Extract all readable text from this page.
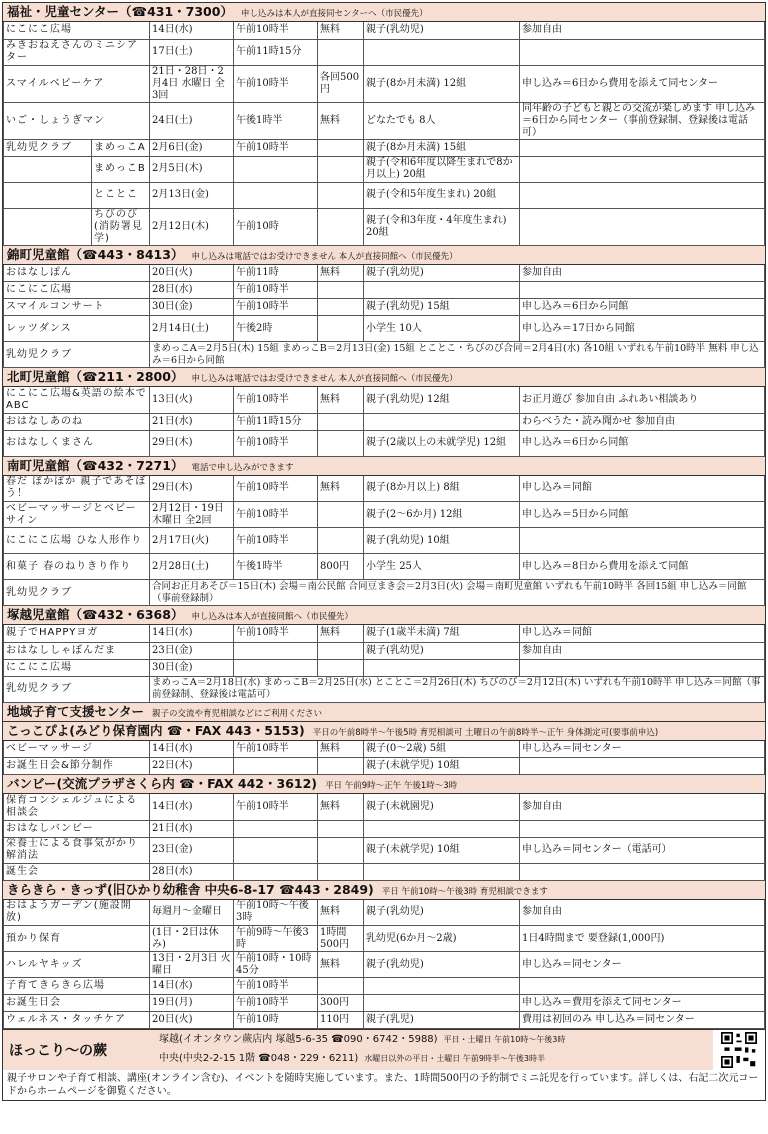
福祉・児童センター（☎431・7300） 申し込みは本人が直接同センターへ（市民優先）
にこにこ広場		14日(水)	午前10時半	無料	親子(乳幼児)	参加自由
みきおねえさんのミニシアター		17日(土)	午前11時15分			
スマイルベビーケア		21日・28日・2月4日 水曜日 全3回	午前10時半	各回500円	親子(8か月未満) 12組	申し込み＝6日から費用を添えて同センター
いご・しょうぎマン		24日(土)	午後1時半	無料	どなたでも 8人	同年齢の子どもと親との交流が楽しめます 申し込み＝6日から同センター（事前登録制、登録後は電話可）
乳幼児クラブ	まめっこA	2月6日(金)	午前10時半		親子(8か月未満) 15組	
	まめっこB	2月5日(木)			親子(令和6年度以降生まれで8か月以上) 20組	
	とことこ	2月13日(金)			親子(令和5年度生まれ) 20組	
	ちびのび(消防署見学)	2月12日(木)	午前10時		親子(令和3年度・4年度生まれ) 20組	
錦町児童館（☎443・8413） 申し込みは電話ではお受けできません 本人が直接同館へ（市民優先）
おはなしぽん	20日(火)	午前11時	無料	親子(乳幼児)	参加自由
にこにこ広場	28日(水)	午前10時半			
スマイルコンサート	30日(金)	午前10時半		親子(乳幼児) 15組	申し込み＝6日から同館
レッツダンス	2月14日(土)	午後2時		小学生 10人	申し込み＝17日から同館
乳幼児クラブ	まめっこA＝2月5日(木) 15組 まめっこB＝2月13日(金) 15組 とことこ・ちびのび合同＝2月4日(水) 各10組 いずれも午前10時半 無料 申し込み＝6日から同館				
北町児童館（☎211・2800） 申し込みは電話ではお受けできません 本人が直接同館へ（市民優先）
にこにこ広場&英語の絵本でABC	13日(火)	午前10時半	無料	親子(乳幼児) 12組	お正月遊び 参加自由 ふれあい相談あり
おはなしあのね	21日(水)	午前11時15分			わらべうた・読み聞かせ 参加自由
おはなしくまさん	29日(木)	午前10時半		親子(2歳以上の未就学児) 12組	申し込み＝6日から同館
南町児童館（☎432・7271） 電話で申し込みができます
春だ ぽかぽか 親子であそぼう！	29日(木)	午前10時半	無料	親子(8か月以上) 8組	申し込み＝同館
ベビーマッサージとベビーサイン	2月12日・19日 木曜日 全2回	午前10時半		親子(2～6か月) 12組	申し込み＝5日から同館
にこにこ広場 ひな人形作り	2月17日(火)	午前10時半		親子(乳幼児) 10組	
和菓子 春のねりきり作り	2月28日(土)	午後1時半	800円	小学生 25人	申し込み＝8日から費用を添えて同館
乳幼児クラブ	合同お正月あそび＝15日(木) 会場＝南公民館 合同豆まき会＝2月3日(火) 会場＝南町児童館 いずれも午前10時半 各回15組 申し込み＝同館（事前登録制）				
塚越児童館（☎432・6368） 申し込みは本人が直接同館へ（市民優先）
親子でHAPPYヨガ	14日(水)	午前10時半	無料	親子(1歳半未満) 7組	申し込み＝同館
おはなししゃぼんだま	23日(金)			親子(乳幼児)	参加自由
にこにこ広場	30日(金)				
乳幼児クラブ	まめっこA＝2月18日(水) まめっこB＝2月25日(水) とことこ＝2月26日(木) ちびのび＝2月12日(木) いずれも午前10時半 申し込み＝同館（事前登録制、登録後は電話可）				
地域子育て支援センター 親子の交流や育児相談などにご利用ください
こっこぴよ(みどり保育園内 ☎・FAX 443・5153) 平日の午前8時半～午後5時 育児相談可 土曜日の午前8時半～正午 身体測定可(要事前申込)
ベビーマッサージ	14日(水)	午前10時半	無料	親子(0～2歳) 5組	申し込み＝同センター
お誕生日会&節分制作	22日(木)			親子(未就学児) 10組	
バンビー(交流プラザさくら内 ☎・FAX 442・3612) 平日 午前9時～正午 午後1時～3時
保育コンシェルジュによる相談会	14日(水)	午前10時半	無料	親子(未就園児)	参加自由
おはなしバンビー	21日(水)				
栄養士による食事気がかり解消法	23日(金)			親子(未就学児) 10組	申し込み＝同センター（電話可）
誕生会	28日(水)				
きらきら・きっず(旧ひかり幼稚舎 中央6-8-17 ☎443・2849) 平日 午前10時～午後3時 育児相談できます
おはようガーデン(施設開放)	毎週月～金曜日	午前10時～午後3時	無料	親子(乳幼児)	参加自由
預かり保育	(1日・2日は休み)	午前9時～午後3時	1時間500円	乳幼児(6か月～2歳)	1日4時間まで 要登録(1,000円)
ハレルヤキッズ	13日・2月3日 火曜日	午前10時・10時45分	無料	親子(乳幼児)	申し込み＝同センター
子育てきらきら広場	14日(水)	午前10時半			
お誕生日会	19日(月)	午前10時半	300円		申し込み＝費用を添えて同センター
ウェルネス・タッチケア	20日(火)	午前10時	110円	親子(乳児)	費用は初回のみ 申し込み＝同センター
ほっこり～の蕨
塚越(イオンタウン蕨店内 塚越5-6-35 ☎090・6742・5988) 平日・土曜日 午前10時～午後3時
中央(中央2-2-15 1階 ☎048・229・6211) 水曜日以外の平日・土曜日 午前9時半～午後3時半
親子サロンや子育て相談、講座(オンライン含む)、イベントを随時実施しています。また、1時間500円の予約制でミニ託児を行っています。詳しくは、右記二次元コードからホームページを御覧ください。
